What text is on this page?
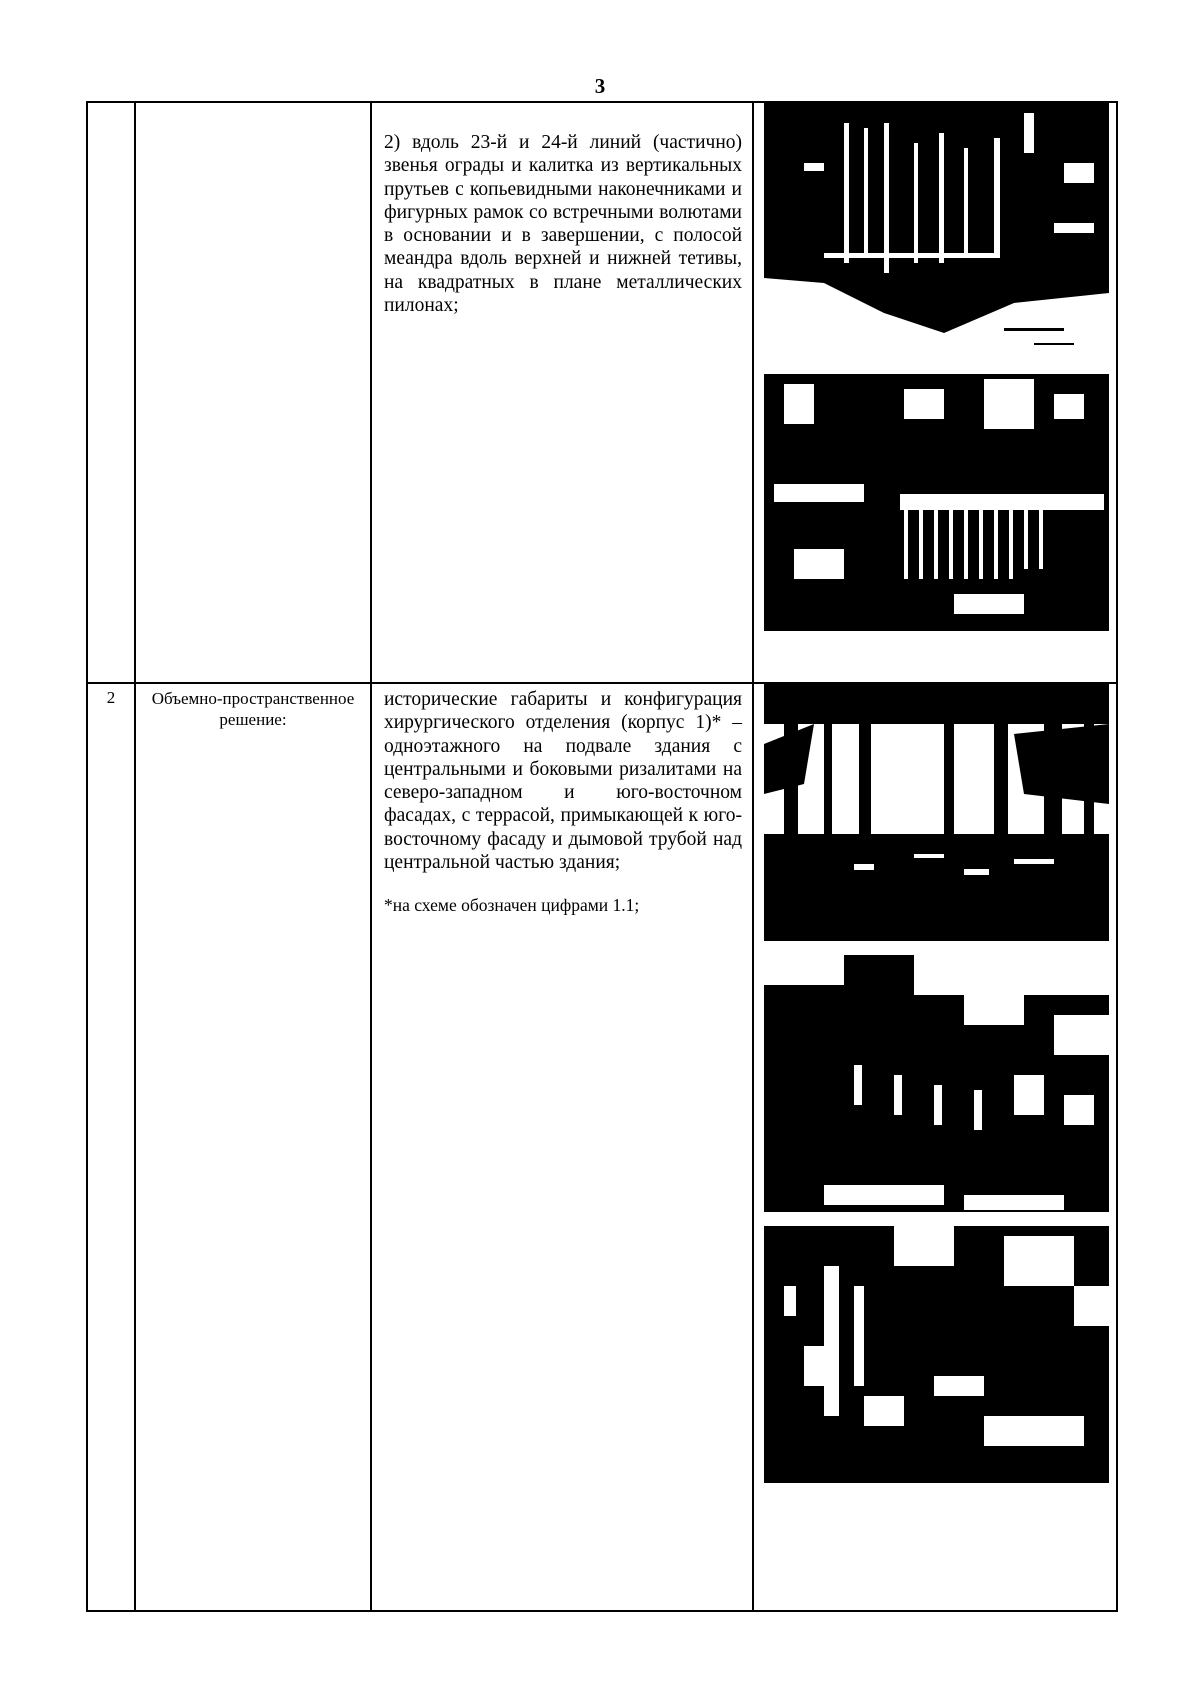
3

		2) вдоль 23-й и 24-й линий (частично) звенья ограды и калитка из вертикальных прутьев с копьевидными наконечниками и фигурных рамок со встречными волютами в основании и в завершении, с полосой меандра вдоль верхней и нижней тетивы, на квадратных в плане металлических пилонах;

2	Объемно-пространственное решение:	исторические габариты и конфигурация хирургического отделения (корпус 1)* – одноэтажного на подвале здания с центральными и боковыми ризалитами на северо-западном и юго-восточном фасадах, с террасой, примыкающей к юго-восточному фасаду и дымовой трубой над центральной частью здания;

*на схеме обозначен цифрами 1.1;
